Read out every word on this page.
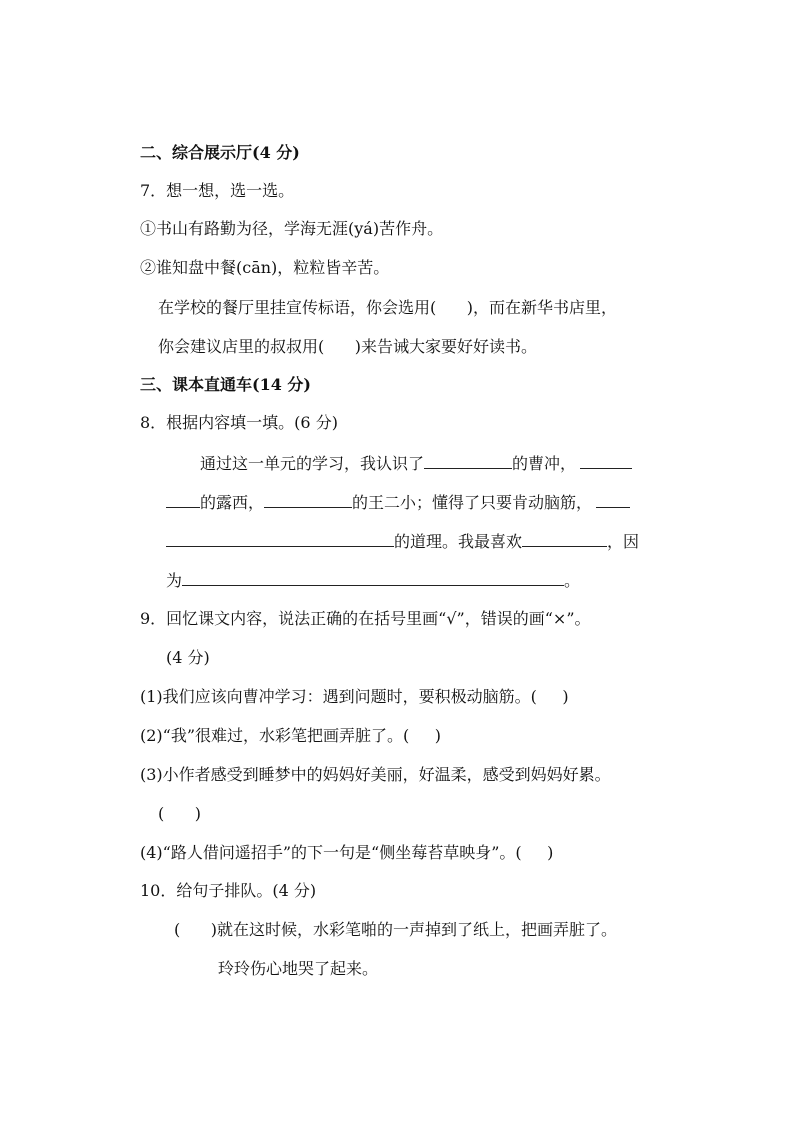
二、综合展示厅(4 分)
7．想一想，选一选。
①书山有路勤为径，学海无涯(yá)苦作舟。
②谁知盘中餐(cān)，粒粒皆辛苦。
在学校的餐厅里挂宣传标语，你会选用( )，而在新华书店里，
你会建议店里的叔叔用( )来告诫大家要好好读书。
三、课本直通车(14 分)
8．根据内容填一填。(6 分)
通过这一单元的学习，我认识了	的曹冲，
的露西，	的王二小；懂得了只要肯动脑筋，
的道理。我最喜欢	，因
为	。
9．回忆课文内容，说法正确的在括号里画“√”，错误的画“×”。
(4 分)
(1)我们应该向曹冲学习：遇到问题时，要积极动脑筋。( )
(2)“我”很难过，水彩笔把画弄脏了。( )
(3)小作者感受到睡梦中的妈妈好美丽，好温柔，感受到妈妈好累。
( )
(4)“路人借问遥招手”的下一句是“侧坐莓苔草映身”。( )
10．给句子排队。(4 分)
( )就在这时候，水彩笔啪的一声掉到了纸上，把画弄脏了。
玲玲伤心地哭了起来。
